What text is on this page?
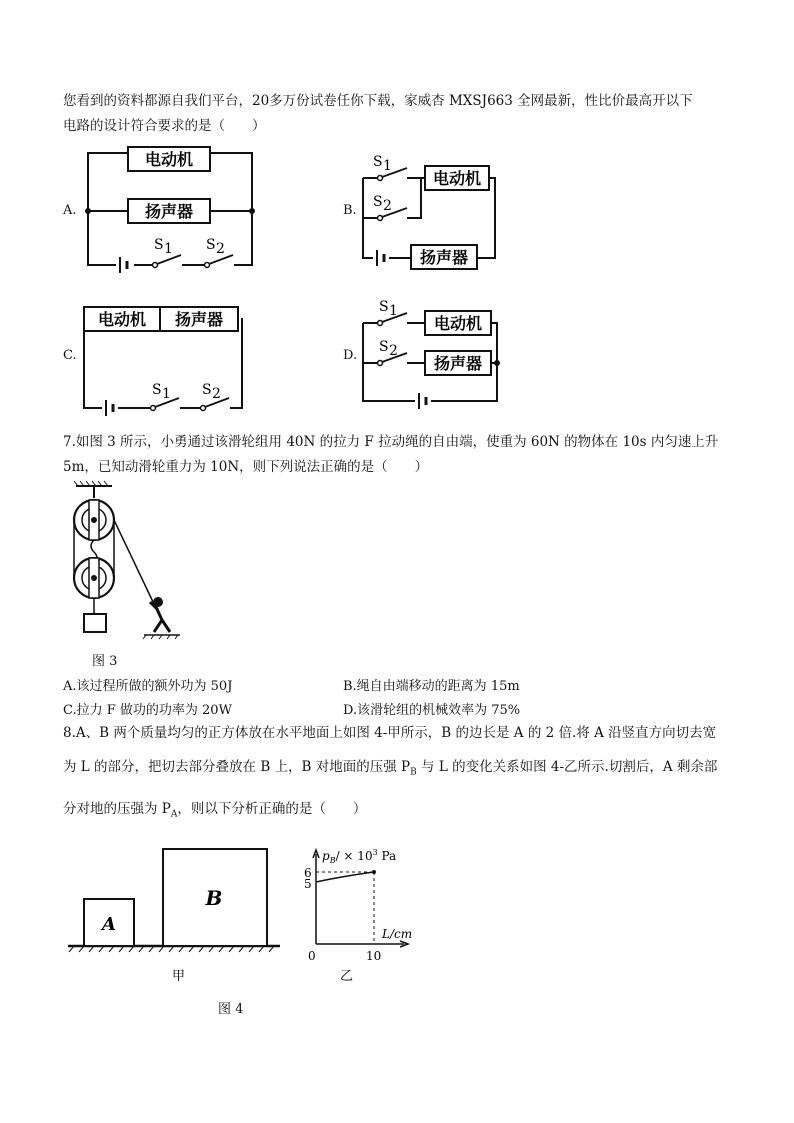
您看到的资料都源自我们平台，20多万份试卷任你下载，家威杏 MXSJ663 全网最新，性比价最高开以下
电路的设计符合要求的是（　　）
A.
电动机
扬声器
S 1 S 2
B.
电动机
S 1
S 2
扬声器
C.
电动机 扬声器
S 1 S 2
D.
S 1
S 2
电动机
扬声器
7.如图 3 所示，小勇通过该滑轮组用 40N 的拉力 F 拉动绳的自由端，使重为 60N 的物体在 10s 内匀速上升
5m，已知动滑轮重力为 10N，则下列说法正确的是（　　）
图 3
A.该过程所做的额外功为 50J	B.绳自由端移动的距离为 15m
C.拉力 F 做功的功率为 20W	D.该滑轮组的机械效率为 75%
8.A、B 两个质量均匀的正方体放在水平地面上如图 4-甲所示，B 的边长是 A 的 2 倍.将 A 沿竖直方向切去宽
为 L 的部分，把切去部分叠放在 B 上，B 对地面的压强 $P_B$ 与 L 的变化关系如图 4-乙所示.切割后，A 剩余部
分对地的压强为 $P_A$，则以下分析正确的是（　　）
A
B
甲
$p_B/ \times 10^3$ Pa
6
5
0	10
L/cm
乙
图 4
